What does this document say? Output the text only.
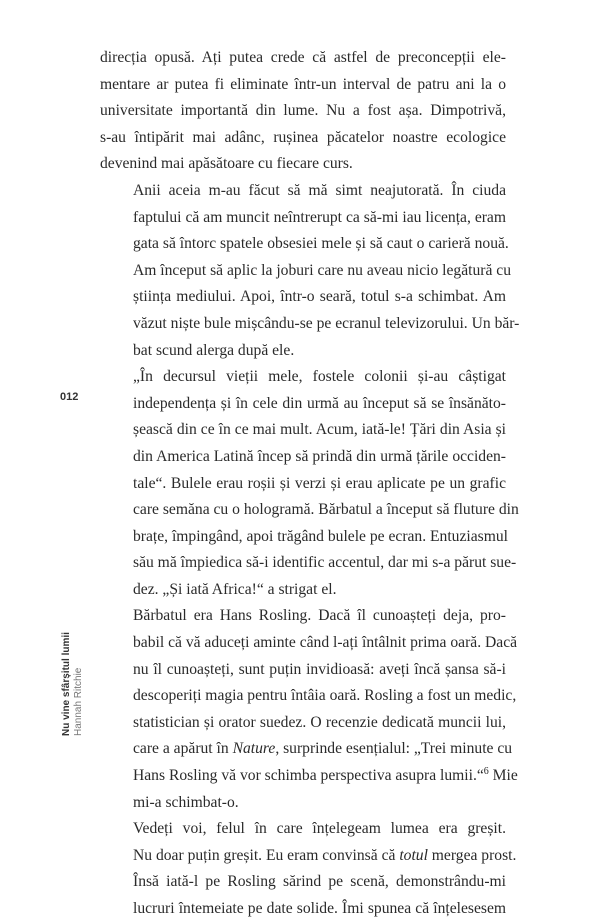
012
Nu vine sfârșitul lumii Hannah Ritchie

direcția opusă. Ați putea crede că astfel de preconcepții ele-
mentare ar putea fi eliminate într-un interval de patru ani la o
universitate importantă din lume. Nu a fost așa. Dimpotrivă,
s-au întipărit mai adânc, rușinea păcatelor noastre ecologice
devenind mai apăsătoare cu fiecare curs.

Anii aceia m-au făcut să mă simt neajutorată. În ciuda
faptului că am muncit neîntrerupt ca să-mi iau licența, eram
gata să întorc spatele obsesiei mele și să caut o carieră nouă.
Am început să aplic la joburi care nu aveau nicio legătură cu
știința mediului. Apoi, într-o seară, totul s-a schimbat. Am
văzut niște bule mișcându-se pe ecranul televizorului. Un băr-
bat scund alerga după ele.

„În decursul vieții mele, fostele colonii și-au câștigat
independența și în cele din urmă au început să se însănăto-
șească din ce în ce mai mult. Acum, iată-le! Țări din Asia și
din America Latină încep să prindă din urmă țările occiden-
tale“. Bulele erau roșii și verzi și erau aplicate pe un grafic
care semăna cu o hologramă. Bărbatul a început să fluture din
brațe, împingând, apoi trăgând bulele pe ecran. Entuziasmul
său mă împiedica să-i identific accentul, dar mi s-a părut sue-
dez. „Și iată Africa!“ a strigat el.

Bărbatul era Hans Rosling. Dacă îl cunoașteți deja, pro-
babil că vă aduceți aminte când l-ați întâlnit prima oară. Dacă
nu îl cunoașteți, sunt puțin invidioasă: aveți încă șansa să-i
descoperiți magia pentru întâia oară. Rosling a fost un medic,
statistician și orator suedez. O recenzie dedicată muncii lui,
care a apărut în Nature, surprinde esențialul: „Trei minute cu
Hans Rosling vă vor schimba perspectiva asupra lumii.“$^6$ Mie
mi-a schimbat-o.

Vedeți voi, felul în care înțelegeam lumea era greșit.
Nu doar puțin greșit. Eu eram convinsă că totul mergea prost.
Însă iată-l pe Rosling sărind pe scenă, demonstrându-mi
lucruri întemeiate pe date solide. Îmi spunea că înțelesesem
